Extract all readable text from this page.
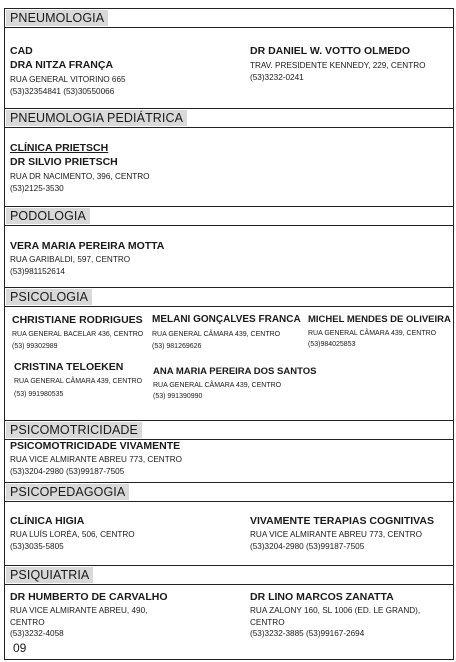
PNEUMOLOGIA
CAD
DRA NITZA FRANÇA
RUA GENERAL VITORINO 665
(53)32354841 (53)30550066
DR DANIEL W. VOTTO OLMEDO
TRAV. PRESIDENTE KENNEDY, 229, CENTRO
(53)3232-0241
PNEUMOLOGIA PEDIÁTRICA
CLÍNICA PRIETSCH
DR SILVIO PRIETSCH
RUA DR NACIMENTO, 396, CENTRO
(53)2125-3530
PODOLOGIA
VERA MARIA PEREIRA MOTTA
RUA GARIBALDI, 597, CENTRO
(53)981152614
PSICOLOGIA
CHRISTIANE RODRIGUES
RUA GENERAL BACELAR 436, CENTRO
(53) 99302989
MELANI GONÇALVES FRANCA
RUA GENERAL CÂMARA 439, CENTRO
(53) 981269626
MICHEL MENDES DE OLIVEIRA
RUA GENERAL CÂMARA 439, CENTRO
(53)984025853
CRISTINA TELOEKEN
RUA GENERAL CÂMARA 439, CENTRO
(53) 991980535
ANA MARIA PEREIRA DOS SANTOS
RUA GENERAL CÂMARA 439, CENTRO
(53) 991390990
PSICOMOTRICIDADE
PSICOMOTRICIDADE VIVAMENTE
RUA VICE ALMIRANTE ABREU 773, CENTRO
(53)3204-2980 (53)99187-7505
PSICOPEDAGOGIA
CLÍNICA HIGIA
RUA LUÍS LORÉA, 506, CENTRO
(53)3035-5805
VIVAMENTE TERAPIAS COGNITIVAS
RUA VICE ALMIRANTE ABREU 773, CENTRO
(53)3204-2980 (53)99187-7505
PSIQUIATRIA
DR HUMBERTO DE CARVALHO
RUA VICE ALMIRANTE ABREU, 490,
CENTRO
(53)3232-4058
DR LINO MARCOS ZANATTA
RUA ZALONY 160, SL 1006 (ED. LE GRAND),
CENTRO
(53)3232-3885 (53)99167-2694
09
